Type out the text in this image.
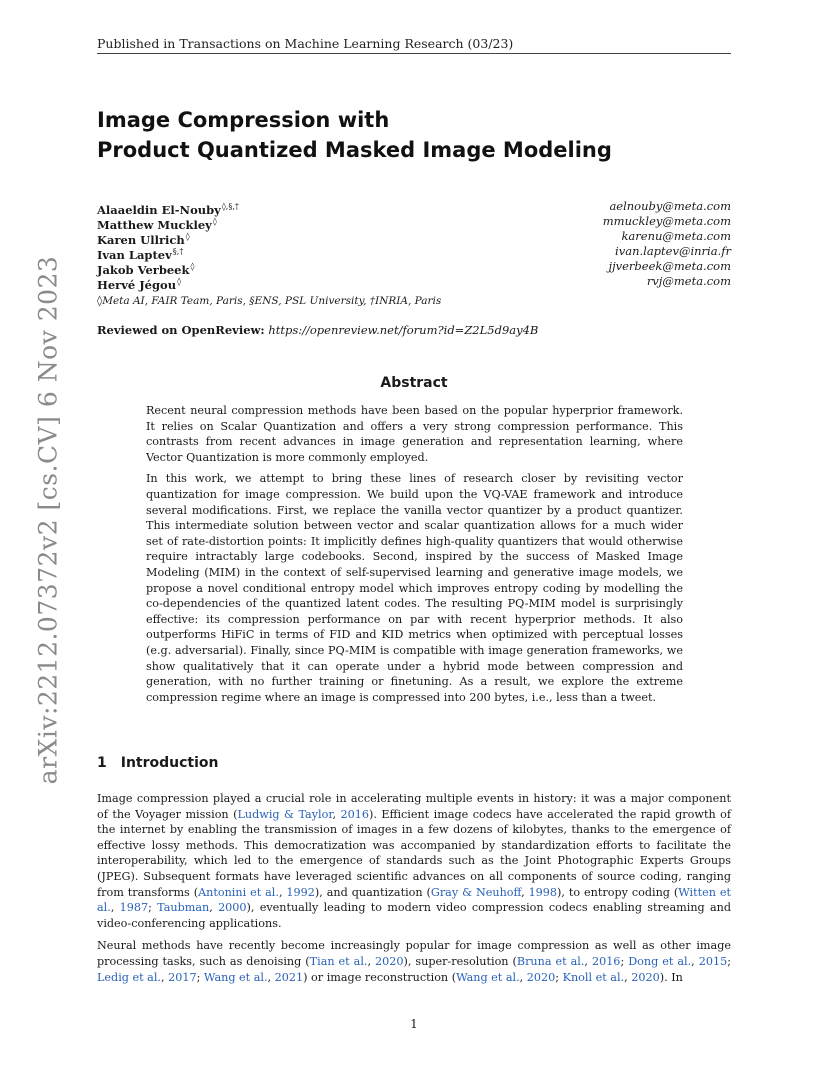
Published in Transactions on Machine Learning Research (03/23)
arXiv:2212.07372v2 [cs.CV] 6 Nov 2023
Image Compression with
Product Quantized Masked Image Modeling
Alaaeldin El-Nouby◊,§,†	aelnouby@meta.com
Matthew Muckley◊	mmuckley@meta.com
Karen Ullrich◊	karenu@meta.com
Ivan Laptev§,†	ivan.laptev@inria.fr
Jakob Verbeek◊	jjverbeek@meta.com
Hervé Jégou◊	rvj@meta.com
◊Meta AI, FAIR Team, Paris, §ENS, PSL University, †INRIA, Paris
Reviewed on OpenReview: https://openreview.net/forum?id=Z2L5d9ay4B
Abstract

Recent neural compression methods have been based on the popular hyperprior framework. It relies on Scalar Quantization and offers a very strong compression performance. This contrasts from recent advances in image generation and representation learning, where Vector Quantization is more commonly employed.

In this work, we attempt to bring these lines of research closer by revisiting vector quantization for image compression. We build upon the VQ-VAE framework and introduce several modifications. First, we replace the vanilla vector quantizer by a product quantizer. This intermediate solution between vector and scalar quantization allows for a much wider set of rate-distortion points: It implicitly defines high-quality quantizers that would otherwise require intractably large codebooks. Second, inspired by the success of Masked Image Modeling (MIM) in the context of self-supervised learning and generative image models, we propose a novel conditional entropy model which improves entropy coding by modelling the co-dependencies of the quantized latent codes. The resulting PQ-MIM model is surprisingly effective: its compression performance on par with recent hyperprior methods. It also outperforms HiFiC in terms of FID and KID metrics when optimized with perceptual losses (e.g. adversarial). Finally, since PQ-MIM is compatible with image generation frameworks, we show qualitatively that it can operate under a hybrid mode between compression and generation, with no further training or finetuning. As a result, we explore the extreme compression regime where an image is compressed into 200 bytes, i.e., less than a tweet.

1 Introduction

Image compression played a crucial role in accelerating multiple events in history: it was a major component of the Voyager mission (Ludwig & Taylor, 2016). Efficient image codecs have accelerated the rapid growth of the internet by enabling the transmission of images in a few dozens of kilobytes, thanks to the emergence of effective lossy methods. This democratization was accompanied by standardization efforts to facilitate the interoperability, which led to the emergence of standards such as the Joint Photographic Experts Groups (JPEG). Subsequent formats have leveraged scientific advances on all components of source coding, ranging from transforms (Antonini et al., 1992), and quantization (Gray & Neuhoff, 1998), to entropy coding (Witten et al., 1987; Taubman, 2000), eventually leading to modern video compression codecs enabling streaming and video-conferencing applications.

Neural methods have recently become increasingly popular for image compression as well as other image processing tasks, such as denoising (Tian et al., 2020), super-resolution (Bruna et al., 2016; Dong et al., 2015; Ledig et al., 2017; Wang et al., 2021) or image reconstruction (Wang et al., 2020; Knoll et al., 2020). In

1
